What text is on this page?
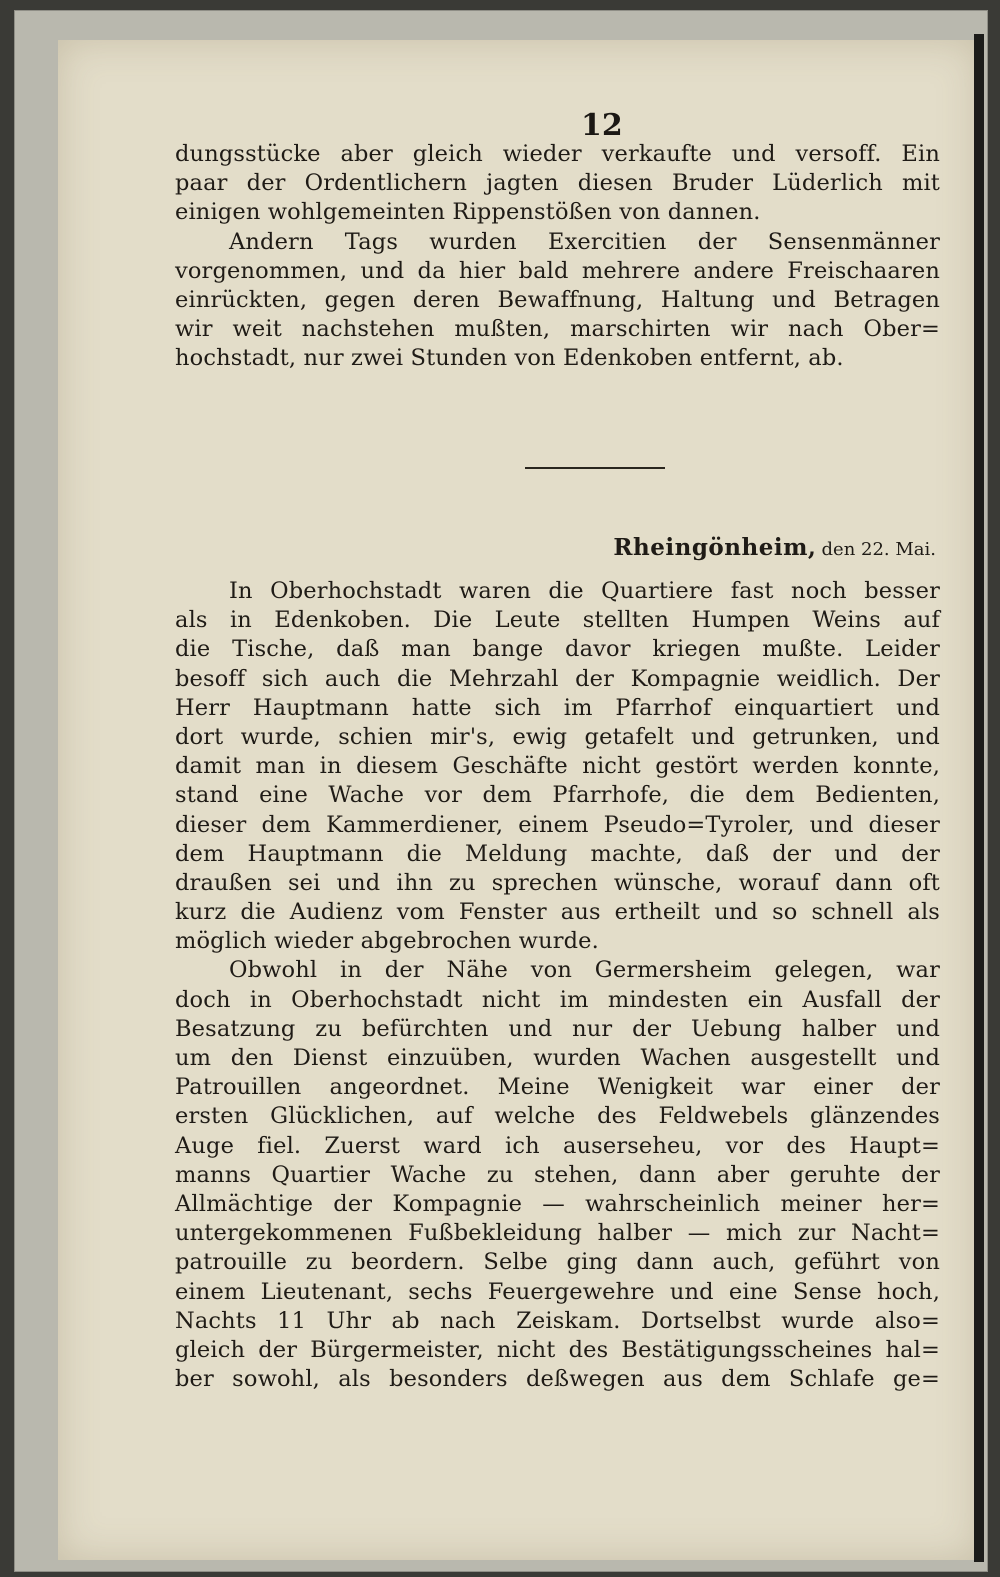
12
dungsstücke aber gleich wieder verkaufte und versoff. Ein
paar der Ordentlichern jagten diesen Bruder Lüderlich mit
einigen wohlgemeinten Rippenstößen von dannen.
Andern Tags wurden Exercitien der Sensenmänner
vorgenommen, und da hier bald mehrere andere Freischaaren
einrückten, gegen deren Bewaffnung, Haltung und Betragen
wir weit nachstehen mußten, marschirten wir nach Ober=
hochstadt, nur zwei Stunden von Edenkoben entfernt, ab.
Rheingönheim, den 22. Mai.
In Oberhochstadt waren die Quartiere fast noch besser
als in Edenkoben. Die Leute stellten Humpen Weins auf
die Tische, daß man bange davor kriegen mußte. Leider
besoff sich auch die Mehrzahl der Kompagnie weidlich. Der
Herr Hauptmann hatte sich im Pfarrhof einquartiert und
dort wurde, schien mir's, ewig getafelt und getrunken, und
damit man in diesem Geschäfte nicht gestört werden konnte,
stand eine Wache vor dem Pfarrhofe, die dem Bedienten,
dieser dem Kammerdiener, einem Pseudo=Tyroler, und dieser
dem Hauptmann die Meldung machte, daß der und der
draußen sei und ihn zu sprechen wünsche, worauf dann oft
kurz die Audienz vom Fenster aus ertheilt und so schnell als
möglich wieder abgebrochen wurde.
Obwohl in der Nähe von Germersheim gelegen, war
doch in Oberhochstadt nicht im mindesten ein Ausfall der
Besatzung zu befürchten und nur der Uebung halber und
um den Dienst einzuüben, wurden Wachen ausgestellt und
Patrouillen angeordnet. Meine Wenigkeit war einer der
ersten Glücklichen, auf welche des Feldwebels glänzendes
Auge fiel. Zuerst ward ich auserseheu, vor des Haupt=
manns Quartier Wache zu stehen, dann aber geruhte der
Allmächtige der Kompagnie — wahrscheinlich meiner her=
untergekommenen Fußbekleidung halber — mich zur Nacht=
patrouille zu beordern. Selbe ging dann auch, geführt von
einem Lieutenant, sechs Feuergewehre und eine Sense hoch,
Nachts 11 Uhr ab nach Zeiskam. Dortselbst wurde also=
gleich der Bürgermeister, nicht des Bestätigungsscheines hal=
ber sowohl, als besonders deßwegen aus dem Schlafe ge=
